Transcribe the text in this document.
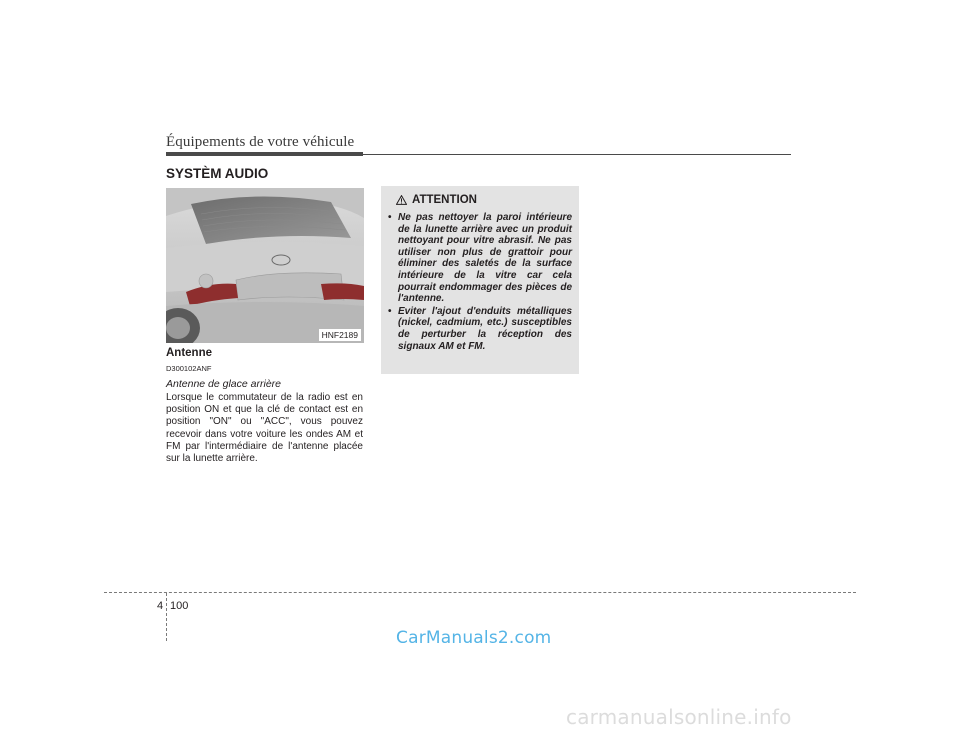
Équipements de votre véhicule
SYSTÈM AUDIO
HNF2189
Antenne
D300102ANF
Antenne de glace arrière
Lorsque le commutateur de la radio est en position ON et que la clé de contact est en position "ON" ou "ACC", vous pouvez recevoir dans votre voiture les ondes AM et FM par l'intermédiaire de l'antenne placée sur la lunette arrière.
ATTENTION
• Ne pas nettoyer la paroi intérieure de la lunette arrière avec un produit nettoyant pour vitre abrasif. Ne pas utiliser non plus de grattoir pour éliminer des saletés de la surface intérieure de la vitre car cela pourrait endommager des pièces de l'antenne.
• Eviter l'ajout d'enduits métalliques (nickel, cadmium, etc.) susceptibles de perturber la réception des signaux AM et FM.
4 100
CarManuals2.com
carmanualsonline.info
